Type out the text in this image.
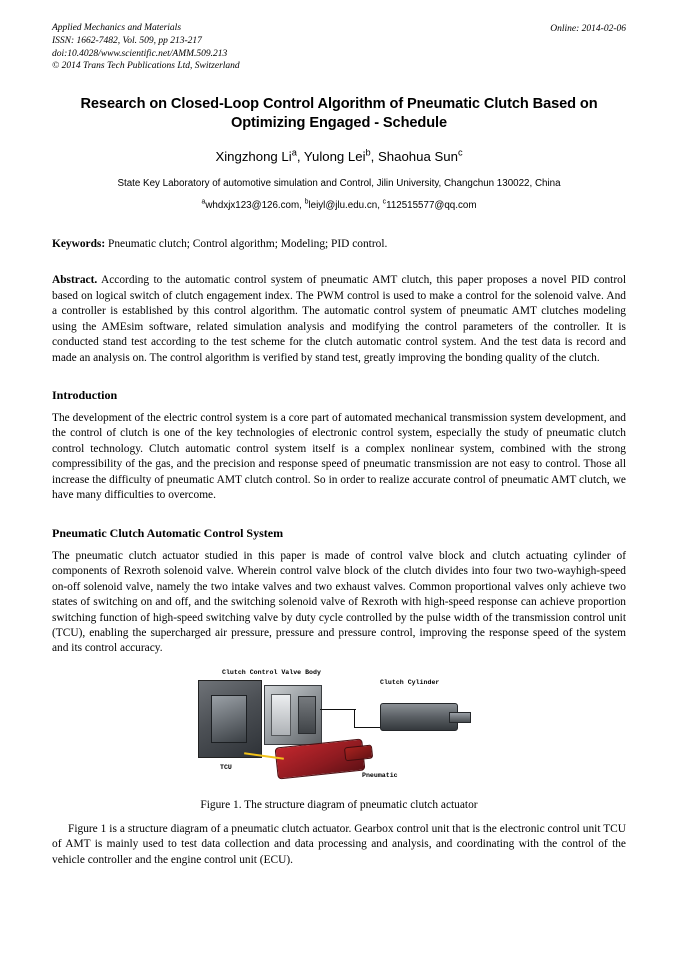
Applied Mechanics and Materials
ISSN: 1662-7482, Vol. 509, pp 213-217
doi:10.4028/www.scientific.net/AMM.509.213
© 2014 Trans Tech Publications Ltd, Switzerland
Online: 2014-02-06
Research on Closed-Loop Control Algorithm of Pneumatic Clutch Based on Optimizing Engaged - Schedule
Xingzhong Li$^a$, Yulong Lei$^b$, Shaohua Sun$^c$
State Key Laboratory of automotive simulation and Control, Jilin University, Changchun 130022, China
$^a$whdxjx123@126.com, $^b$leiyl@jlu.edu.cn, $^c$112515577@qq.com
Keywords: Pneumatic clutch; Control algorithm; Modeling; PID control.
Abstract. According to the automatic control system of pneumatic AMT clutch, this paper proposes a novel PID control based on logical switch of clutch engagement index. The PWM control is used to make a control for the solenoid valve. And a controller is established by this control algorithm. The automatic control system of pneumatic AMT clutches modeling using the AMEsim software, related simulation analysis and modifying the control parameters of the controller. It is conducted stand test according to the test scheme for the clutch automatic control system. And the test data is record and made an analysis on. The control algorithm is verified by stand test, greatly improving the bonding quality of the clutch.
Introduction

The development of the electric control system is a core part of automated mechanical transmission system development, and the control of clutch is one of the key technologies of electronic control system, especially the study of pneumatic clutch control technology. Clutch automatic control system itself is a complex nonlinear system, combined with the strong compressibility of the gas, and the precision and response speed of pneumatic transmission are not easy to control. Those all increase the difficulty of pneumatic AMT clutch control. So in order to realize accurate control of pneumatic AMT clutch, we have many difficulties to overcome.

Pneumatic Clutch Automatic Control System

The pneumatic clutch actuator studied in this paper is made of control valve block and clutch actuating cylinder of components of Rexroth solenoid valve. Wherein control valve block of the clutch divides into four two two-wayhigh-speed on-off solenoid valve, namely the two intake valves and two exhaust valves. Common proportional valves only achieve two states of switching on and off, and the switching solenoid valve of Rexroth with high-speed response can achieve proportion switching function of high-speed switching valve by duty cycle controlled by the pulse width of the transmission control unit (TCU), enabling the supercharged air pressure, pressure and pressure control, improving the response speed of the system and its control accuracy.

Clutch Control Valve Body
Clutch Cylinder
TCU
Pneumatic
Figure 1. The structure diagram of pneumatic clutch actuator
Figure 1 is a structure diagram of a pneumatic clutch actuator. Gearbox control unit that is the electronic control unit TCU of AMT is mainly used to test data collection and data processing and analysis, and coordinating with the control of the vehicle controller and the engine control unit (ECU).
